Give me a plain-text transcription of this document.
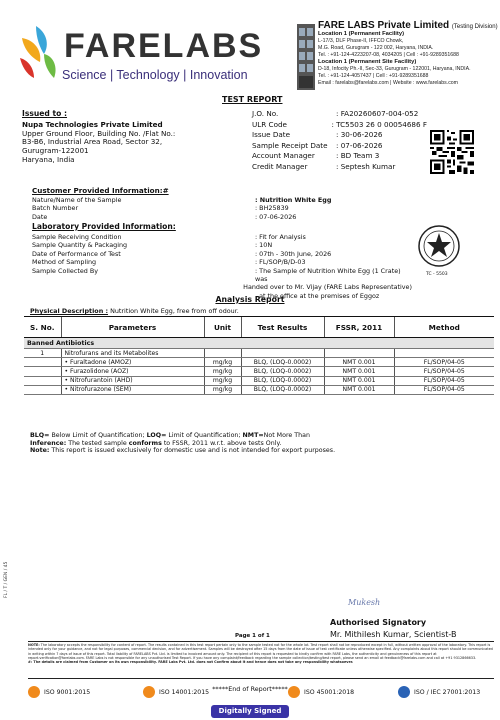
FARELABS
Science | Technology | Innovation
FARE LABS Private Limited (Testing Division)
Location 1 (Permanent Facility)
L-17/3, DLF Phase-II, IFFCO Chowk,
M.G. Road, Gurugram - 122 002, Haryana, INDIA.
Tel. : +91-124-4223207-08, 4034205 | Cell : +91-9289351688
Location 1 (Permanent Site Facility)
D-18, Infocity Ph.-II, Sec-33, Gurugram - 122001, Haryana, INDIA.
Tel. : +91-124-4057437 | Cell : +91-9289351688
Email : farelabs@farelabs.com | Website : www.farelabs.com
TEST REPORT
Issued to :
Nupa Technologies Private Limited
Upper Ground Floor, Building No. /Flat No.:
B3-B6, Industrial Area Road, Sector 32,
Gurugram-122001
Haryana, India
J.O. No.	: FA20260607-004-052
ULR Code	: TC5503 26 0 00054686 F
Issue Date	: 30-06-2026
Sample Receipt Date	: 07-06-2026
Account Manager	: BD Team 3
Credit Manager	: Septesh Kumar
Customer Provided Information:#
Nature/Name of the Sample	: Nutrition White Egg
Batch Number	: BH25839
Date	: 07-06-2026
Laboratory Provided Information:
Sample Receiving Condition	: Fit for Analysis
Sample Quantity & Packaging	: 10N
Date of Performance of Test	: 07th - 30th June, 2026
Method of Sampling	: FL/SOP/B/D-03
Sample Collected By	: The Sample of Nutrition White Egg (1 Crate) was
Handed over to Mr. Vijay (FARE Labs Representative)
at the office at the premises of Eggoz
TC - 5503
Analysis Report
Physical Description : Nutrition White Egg, free from off odour.
S. No.	Parameters	Unit	Test Results	FSSR, 2011	Method
Banned Antibiotics					
1	Nitrofurans and its Metabolites				
	• Furaltadone (AMOZ)	mg/kg	BLQ, (LOQ-0.0002)	NMT 0.001	FL/SOP/04-05
	• Furazolidone (AOZ)	mg/kg	BLQ, (LOQ-0.0002)	NMT 0.001	FL/SOP/04-05
	• Nitrofurantoin (AHD)	mg/kg	BLQ, (LOQ-0.0002)	NMT 0.001	FL/SOP/04-05
	• Nitrofurazone (SEM)	mg/kg	BLQ, (LOQ-0.0002)	NMT 0.001	FL/SOP/04-05
BLQ= Below Limit of Quantification; LOQ= Limit of Quantification; NMT=Not More Than
Inference: The tested sample conforms to FSSR, 2011 w.r.t. above tests Only.
Note: This report is issued exclusively for domestic use and is not intended for export purposes.
Mukesh
Authorised Signatory
Page 1 of 1	Mr. Mithilesh Kumar, Scientist-B
NOTE: The laboratory accepts the responsibility for content of report. The results contained in this test report pertain only to the sample tested not for the whole lot. Test report shall not be reproduced except in full, without written approval of the laboratory. This report is intended only for your guidance, and not for legal purposes, commercial decision, and for advertisement. Samples will be destroyed after 15 days from the date of issue of test certificate unless otherwise specified. Any complaints about this report should be communicated in writing within 7 days of issue of this report. Total liability of FARELABS Pvt. Ltd. is limited to invoiced amount only. The recipient of this report is requested to kindly confirm with FARE Labs, the authenticity and genuineness of this report at report.verification@farelabs.com. FARE Labs is not responsible for any unauthorised Test Report. If you have any complaint/feedback regarding the sample collection/testing/test report, please send an email at feedback@farelabs.com and call at +91 9312866633.
#: The details are claimed from Customer on its own responsibility. FARE Labs Pvt. Ltd. does not Confirm about it and hence does not take any responsibility whatsoever.
FL / T / GEN / 45
ISO 9001:2015	ISO 14001:2015	ISO 45001:2018	ISO / IEC 27001:2013
*****End of Report*****
Digitally Signed
